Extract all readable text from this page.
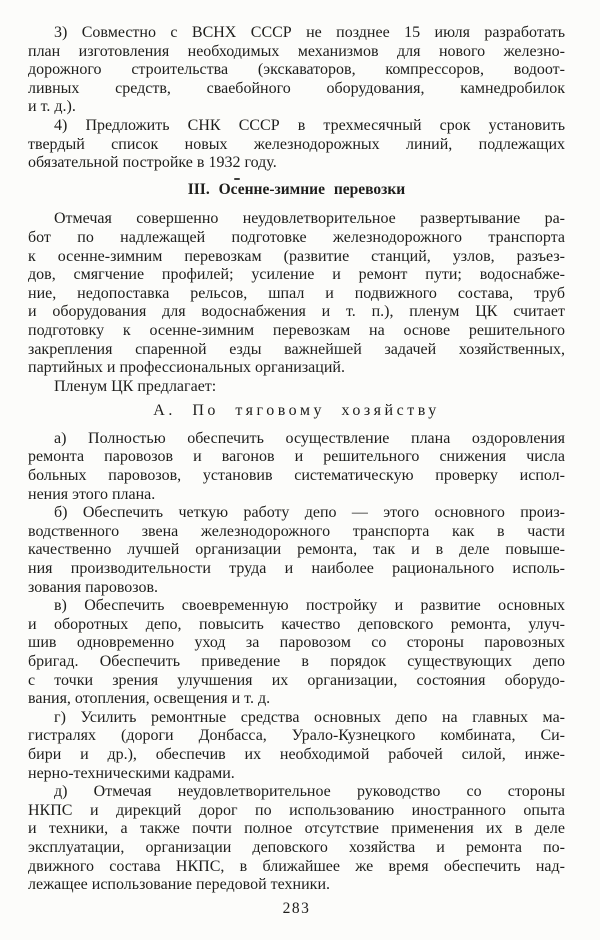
3) Совместно с ВСНХ СССР не позднее 15 июля разработать
план изготовления необходимых механизмов для нового железно-
дорожного строительства (экскаваторов, компрессоров, водоот-
ливных средств, сваебойного оборудования, камнедробилок
и т. д.).
4) Предложить СНК СССР в трехмесячный срок установить
твердый список новых железнодорожных линий, подлежащих
обязательной постройке в 1932 году.
III. Осенне-зимние перевозки
Отмечая совершенно неудовлетворительное развертывание ра-
бот по надлежащей подготовке железнодорожного транспорта
к осенне-зимним перевозкам (развитие станций, узлов, разъез-
дов, смягчение профилей; усиление и ремонт пути; водоснабже-
ние, недопоставка рельсов, шпал и подвижного состава, труб
и оборудования для водоснабжения и т. п.), пленум ЦК считает
подготовку к осенне-зимним перевозкам на основе решительного
закрепления спаренной езды важнейшей задачей хозяйственных,
партийных и профессиональных организаций.
Пленум ЦК предлагает:
А. По тяговому хозяйству
а) Полностью обеспечить осуществление плана оздоровления
ремонта паровозов и вагонов и решительного снижения числа
больных паровозов, установив систематическую проверку испол-
нения этого плана.
б) Обеспечить четкую работу депо — этого основного произ-
водственного звена железнодорожного транспорта как в части
качественно лучшей организации ремонта, так и в деле повыше-
ния производительности труда и наиболее рационального исполь-
зования паровозов.
в) Обеспечить своевременную постройку и развитие основных
и оборотных депо, повысить качество деповского ремонта, улуч-
шив одновременно уход за паровозом со стороны паровозных
бригад. Обеспечить приведение в порядок существующих депо
с точки зрения улучшения их организации, состояния оборудо-
вания, отопления, освещения и т. д.
г) Усилить ремонтные средства основных депо на главных ма-
гистралях (дороги Донбасса, Урало-Кузнецкого комбината, Си-
бири и др.), обеспечив их необходимой рабочей силой, инже-
нерно-техническими кадрами.
д) Отмечая неудовлетворительное руководство со стороны
НКПС и дирекций дорог по использованию иностранного опыта
и техники, а также почти полное отсутствие применения их в деле
эксплуатации, организации деповского хозяйства и ремонта по-
движного состава НКПС, в ближайшее же время обеспечить над-
лежащее использование передовой техники.
283
